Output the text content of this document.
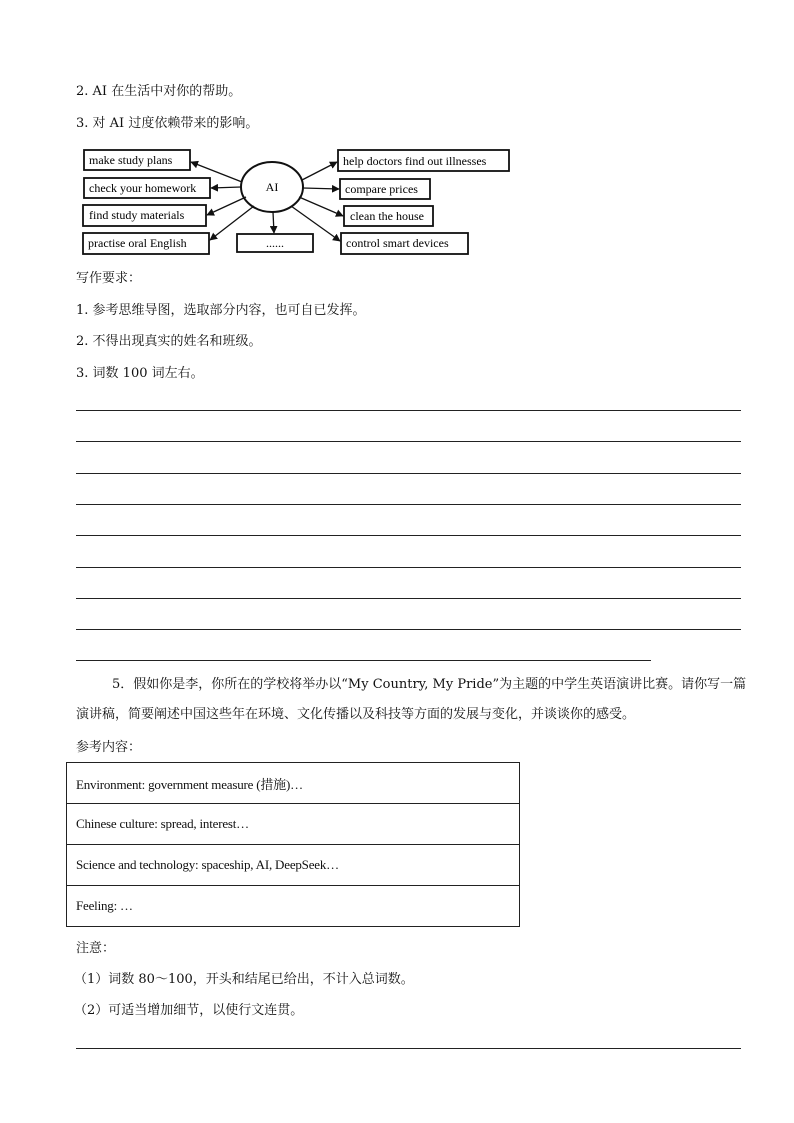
2. AI 在生活中对你的帮助。
3. 对 AI 过度依赖带来的影响。
AI
make study plans
check your homework
find study materials
practise oral English	......
help doctors find out illnesses
compare prices
clean the house
control smart devices
写作要求：
1. 参考思维导图，选取部分内容，也可自已发挥。
2. 不得出现真实的姓名和班级。
3. 词数 100 词左右。
5．假如你是李，你所在的学校将举办以“My Country, My Pride”为主题的中学生英语演讲比赛。请你写一篇演讲稿，简要阐述中国这些年在环境、文化传播以及科技等方面的发展与变化，并谈谈你的感受。
参考内容：
Environment: government measure (措施)…
Chinese culture: spread, interest…
Science and technology: spaceship, AI, DeepSeek…
Feeling: …
注意：
（1）词数 80～100，开头和结尾已给出，不计入总词数。
（2）可适当增加细节，以使行文连贯。
